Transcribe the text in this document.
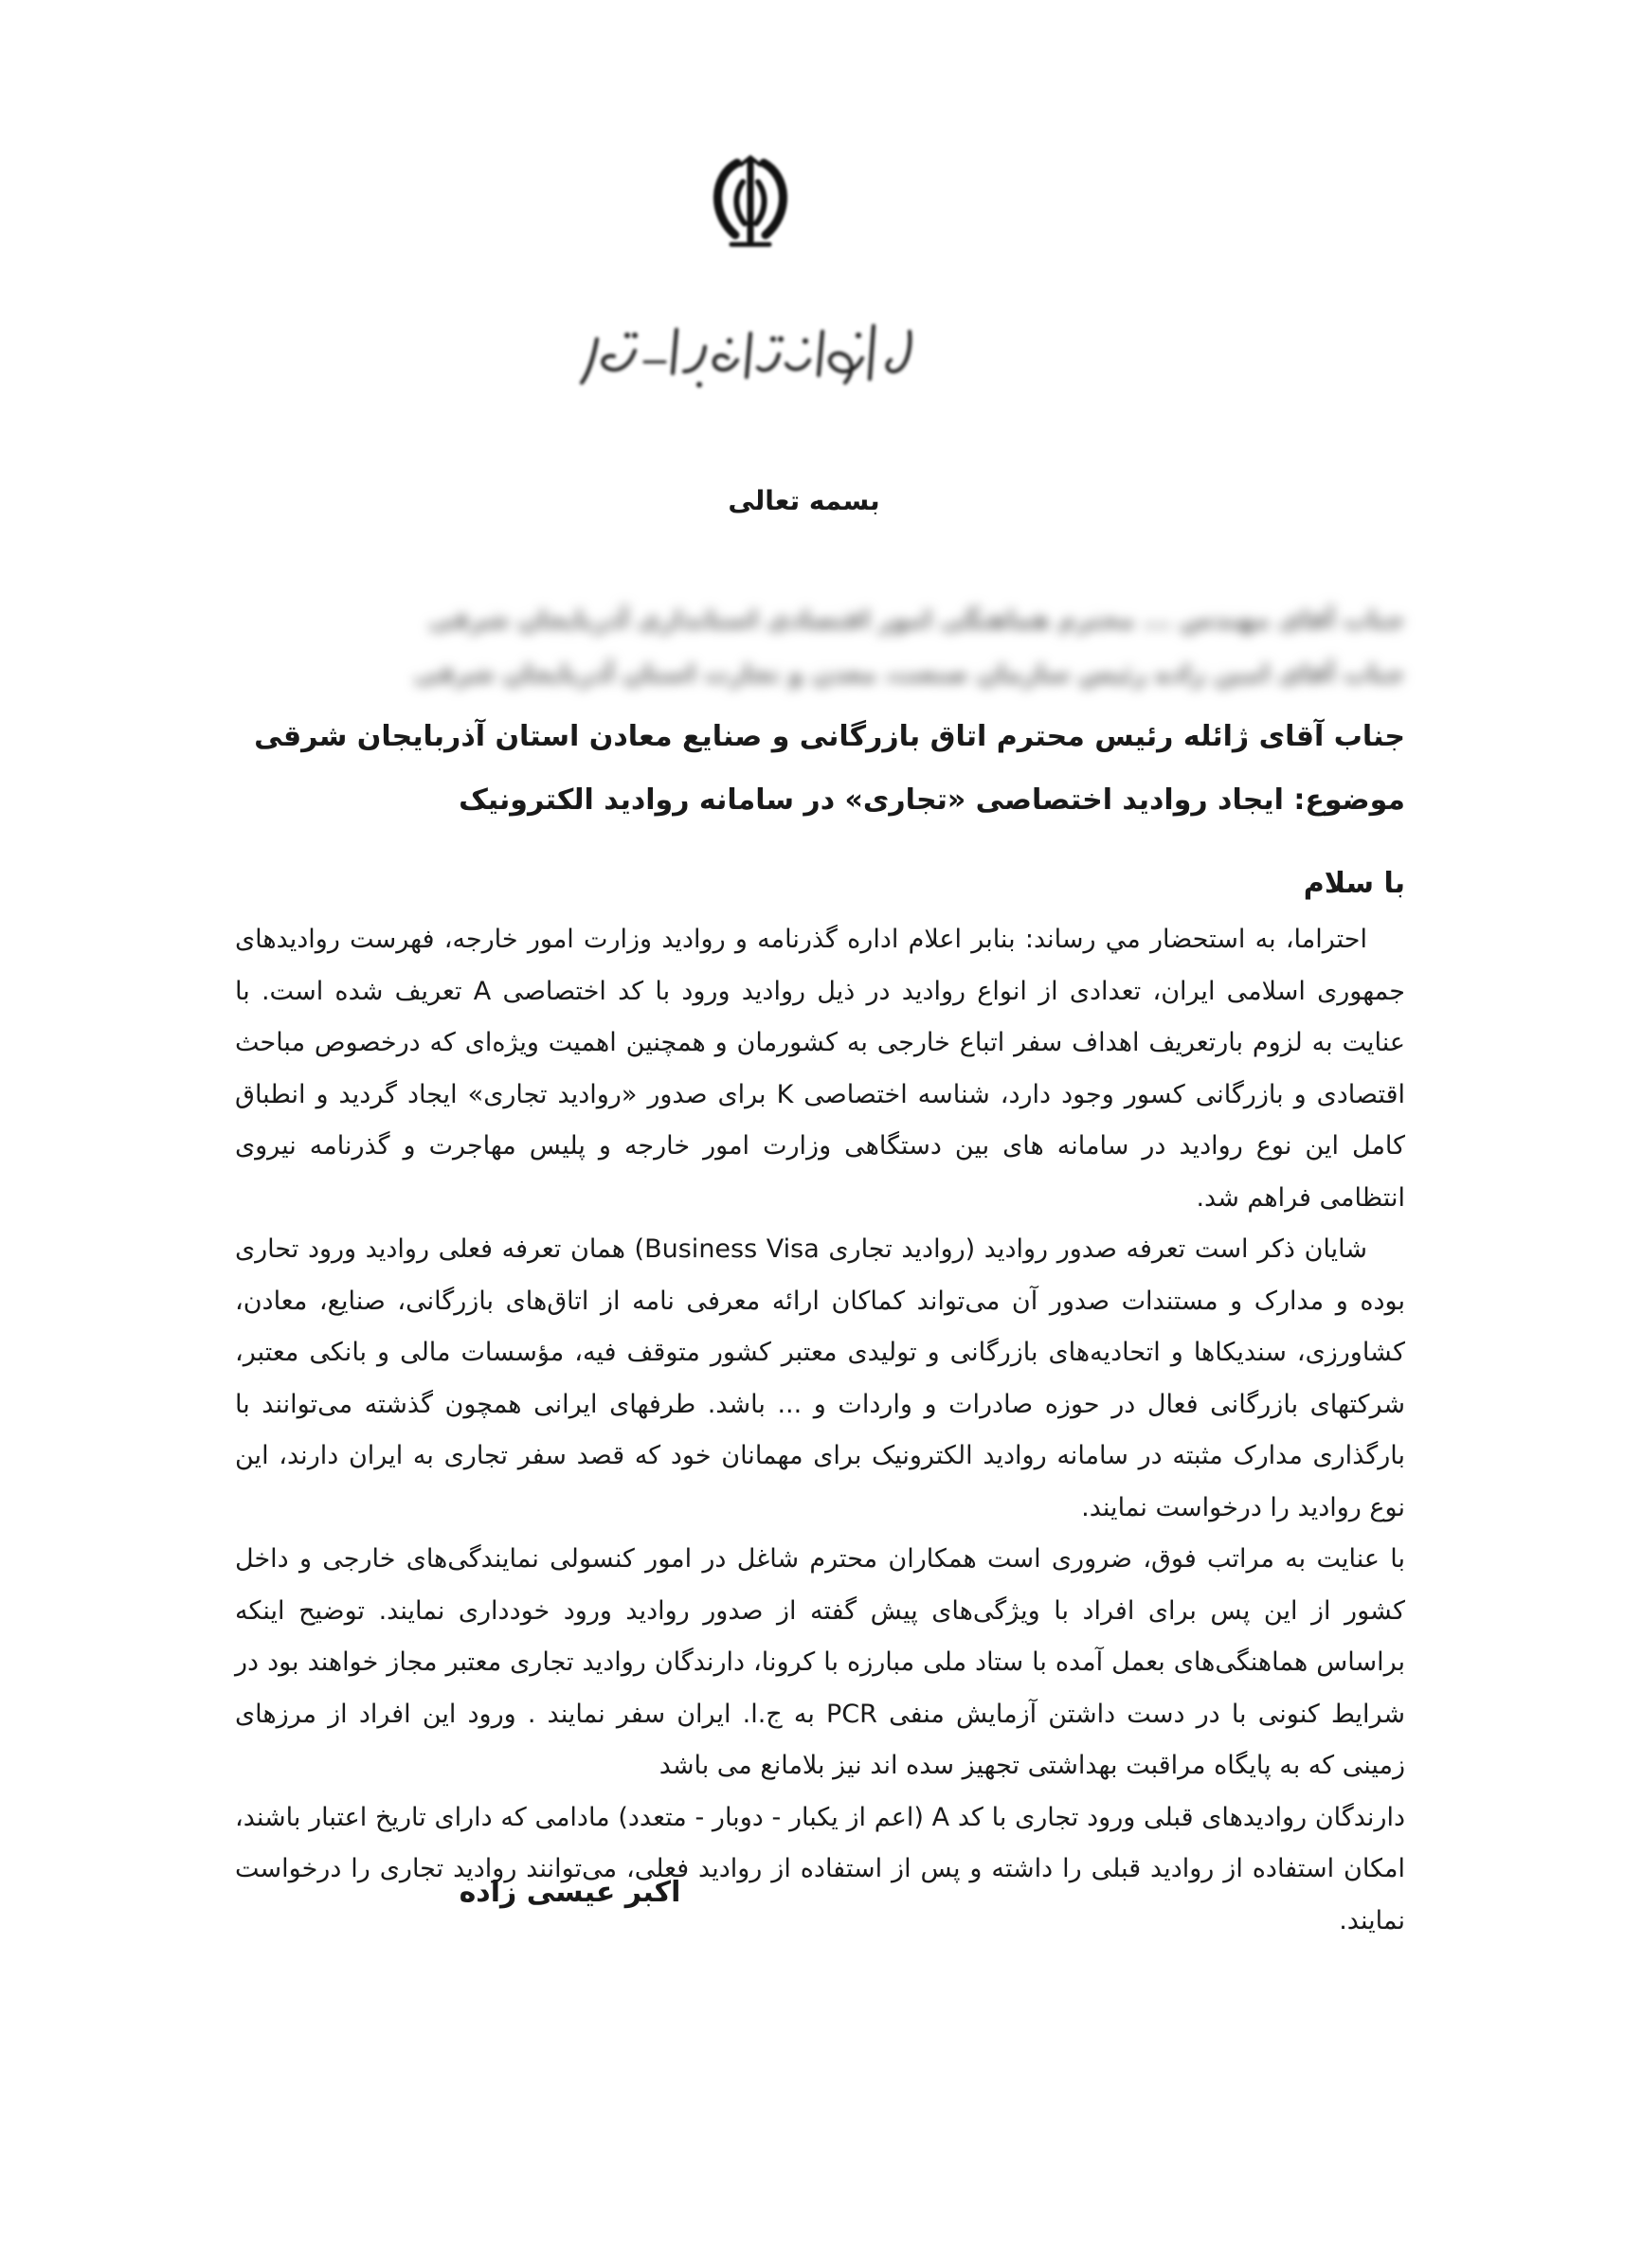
بسمه تعالی
جناب آقای مهندس ... محترم هماهنگی امور اقتصادی استانداری آذربایجان شرقی
جناب آقای امین زاده رئیس سازمان صنعت، معدن و تجارت استان آذربایجان شرقی
جناب آقای ژائله رئیس محترم اتاق بازرگانی و صنایع معادن استان آذربایجان شرقی
موضوع: ایجاد روادید اختصاصی «تجاری» در سامانه روادید الکترونیک
با سلام

احتراما، به استحضار مي رساند: بنابر اعلام اداره گذرنامه و روادید وزارت امور خارجه، فهرست روادیدهای جمهوری اسلامی ایران، تعدادی از انواع روادید در ذیل روادید ورود با کد اختصاصی A تعریف شده است. با عنایت به لزوم بارتعریف اهداف سفر اتباع خارجی به کشورمان و همچنین اهمیت ویژه‌ای که درخصوص مباحث اقتصادی و بازرگانی کسور وجود دارد، شناسه اختصاصی K برای صدور «روادید تجاری» ایجاد گردید و انطباق کامل این نوع روادید در سامانه های بین دستگاهی وزارت امور خارجه و پلیس مهاجرت و گذرنامه نیروی انتظامی فراهم شد.

شایان ذکر است تعرفه صدور روادید (روادید تجاری Business Visa) همان تعرفه فعلی روادید ورود تحاری بوده و مدارک و مستندات صدور آن می‌تواند کماکان ارائه معرفی نامه از اتاق‌های بازرگانی، صنایع، معادن، کشاورزی، سندیکاها و اتحادیه‌های بازرگانی و تولیدی معتبر کشور متوقف فیه، مؤسسات مالی و بانکی معتبر، شرکتهای بازرگانی فعال در حوزه صادرات و واردات و ... باشد. طرفهای ایرانی همچون گذشته می‌توانند با بارگذاری مدارک مثبته در سامانه روادید الکترونیک برای مهمانان خود که قصد سفر تجاری به ایران دارند، این نوع روادید را درخواست نمایند.

با عنایت به مراتب فوق، ضروری است همکاران محترم شاغل در امور کنسولی نمایندگی‌های خارجی و داخل کشور از این پس برای افراد با ویژگی‌های پیش گفته از صدور روادید ورود خودداری نمایند. توضیح اینکه براساس هماهنگی‌های بعمل آمده با ستاد ملی مبارزه با کرونا، دارندگان روادید تجاری معتبر مجاز خواهند بود در شرایط کنونی با در دست داشتن آزمایش منفی PCR به ج.ا. ایران سفر نمایند . ورود این افراد از مرزهای زمینی که به پایگاه مراقبت بهداشتی تجهیز سده اند نیز بلامانع می باشد

دارندگان روادیدهای قبلی ورود تجاری با کد A (اعم از یکبار - دوبار - متعدد) مادامی که دارای تاریخ اعتبار باشند، امکان استفاده از روادید قبلی را داشته و پس از استفاده از روادید فعلی، می‌توانند روادید تجاری را درخواست نمایند.

اکبر عیسی زاده
